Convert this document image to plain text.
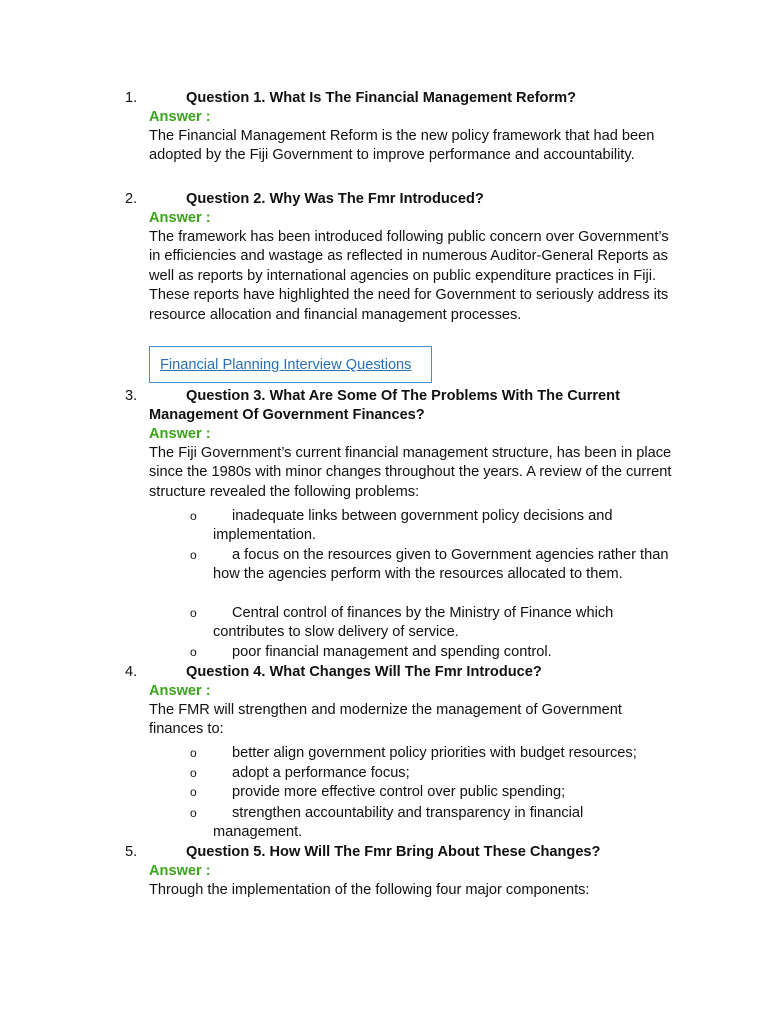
1.	Question 1. What Is The Financial Management Reform?
Answer :
The Financial Management Reform is the new policy framework that had been adopted by the Fiji Government to improve performance and accountability.
2.	Question 2. Why Was The Fmr Introduced?
Answer :
The framework has been introduced following public concern over Government’s in efficiencies and wastage as reflected in numerous Auditor-General Reports as well as reports by international agencies on public expenditure practices in Fiji. These reports have highlighted the need for Government to seriously address its resource allocation and financial management processes.
Financial Planning Interview Questions
3.	Question 3. What Are Some Of The Problems With The Current Management Of Government Finances?
Answer :
The Fiji Government’s current financial management structure, has been in place since the 1980s with minor changes throughout the years. A review of the current structure revealed the following problems:
o	inadequate links between government policy decisions and implementation.
o	a focus on the resources given to Government agencies rather than how the agencies perform with the resources allocated to them.
o	Central control of finances by the Ministry of Finance which contributes to slow delivery of service.
o	poor financial management and spending control.
4.	Question 4. What Changes Will The Fmr Introduce?
Answer :
The FMR will strengthen and modernize the management of Government finances to:
o	better align government policy priorities with budget resources;
o	adopt a performance focus;
o	provide more effective control over public spending;
o	strengthen accountability and transparency in financial management.
5.	Question 5. How Will The Fmr Bring About These Changes?
Answer :
Through the implementation of the following four major components:
